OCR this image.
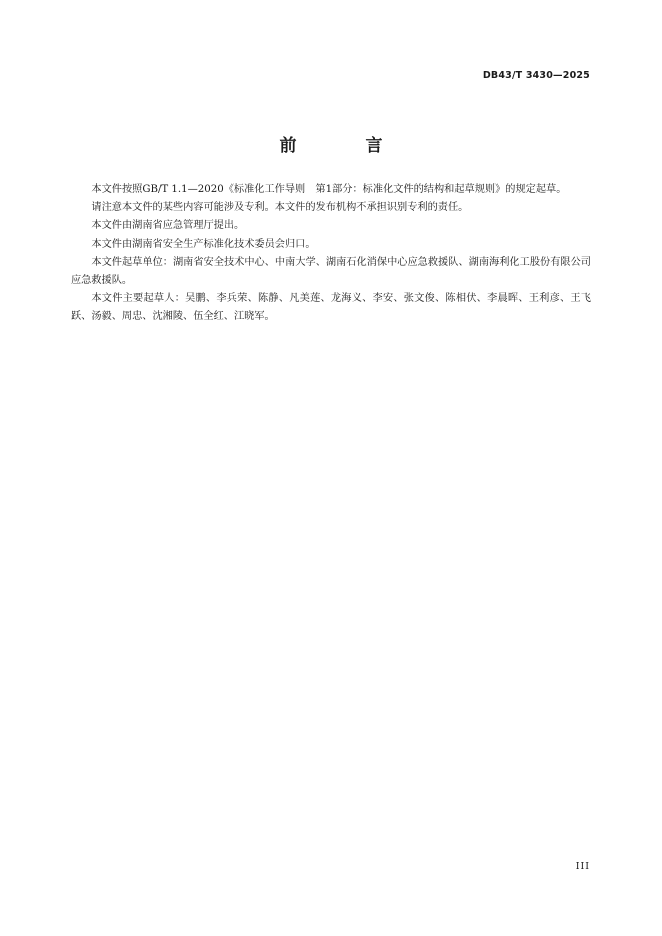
DB43/T 3430—2025
前　言

本文件按照GB/T 1.1—2020《标准化工作导则　第1部分：标准化文件的结构和起草规则》的规定起草。

请注意本文件的某些内容可能涉及专利。本文件的发布机构不承担识别专利的责任。

本文件由湖南省应急管理厅提出。

本文件由湖南省安全生产标准化技术委员会归口。

本文件起草单位：湖南省安全技术中心、中南大学、湖南石化消保中心应急救援队、湖南海利化工股份有限公司应急救援队。

本文件主要起草人：吴鹏、李兵荣、陈静、凡美莲、龙海义、李安、张文俊、陈相伏、李晨晖、王利彦、王飞跃、汤毅、周忠、沈湘陵、伍全红、江晓军。

III
